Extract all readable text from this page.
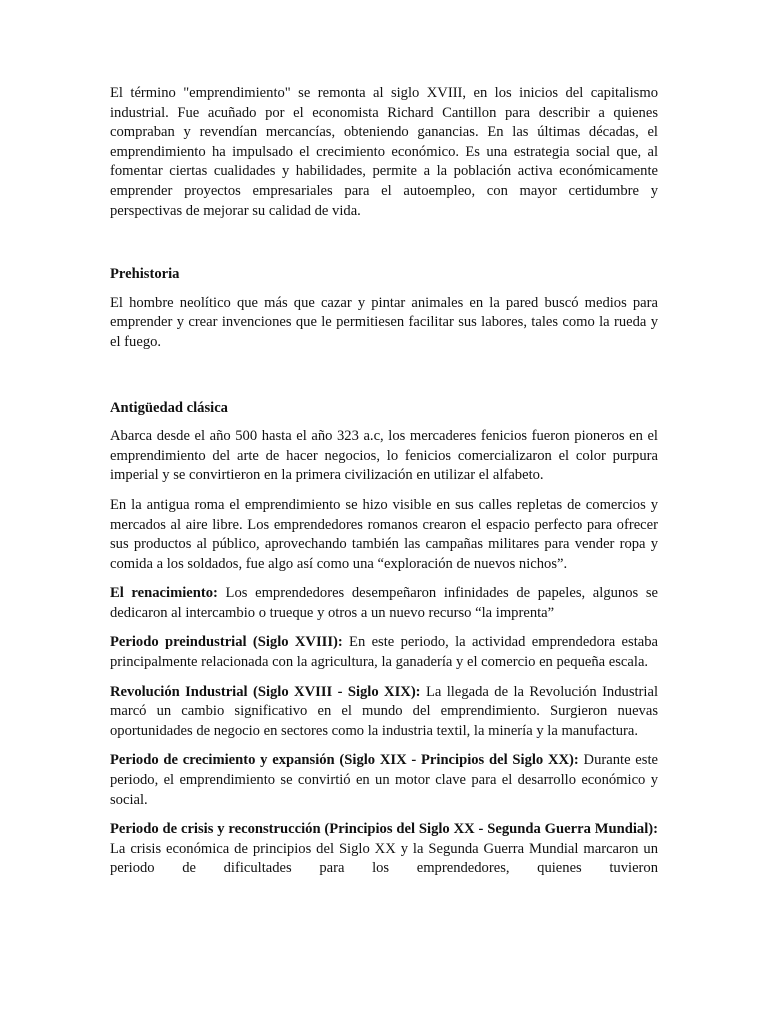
El término "emprendimiento" se remonta al siglo XVIII, en los inicios del capitalismo industrial. Fue acuñado por el economista Richard Cantillon para describir a quienes compraban y revendían mercancías, obteniendo ganancias. En las últimas décadas, el emprendimiento ha impulsado el crecimiento económico. Es una estrategia social que, al fomentar ciertas cualidades y habilidades, permite a la población activa económicamente emprender proyectos empresariales para el autoempleo, con mayor certidumbre y perspectivas de mejorar su calidad de vida.

Prehistoria

El hombre neolítico que más que cazar y pintar animales en la pared buscó medios para emprender y crear invenciones que le permitiesen facilitar sus labores, tales como la rueda y el fuego.

Antigüedad clásica

Abarca desde el año 500 hasta el año 323 a.c, los mercaderes fenicios fueron pioneros en el emprendimiento del arte de hacer negocios, lo fenicios comercializaron el color purpura imperial y se convirtieron en la primera civilización en utilizar el alfabeto.

En la antigua roma el emprendimiento se hizo visible en sus calles repletas de comercios y mercados al aire libre. Los emprendedores romanos crearon el espacio perfecto para ofrecer sus productos al público, aprovechando también las campañas militares para vender ropa y comida a los soldados, fue algo así como una “exploración de nuevos nichos”.

El renacimiento: Los emprendedores desempeñaron infinidades de papeles, algunos se dedicaron al intercambio o trueque y otros a un nuevo recurso “la imprenta”

Periodo preindustrial (Siglo XVIII): En este periodo, la actividad emprendedora estaba principalmente relacionada con la agricultura, la ganadería y el comercio en pequeña escala.

Revolución Industrial (Siglo XVIII - Siglo XIX): La llegada de la Revolución Industrial marcó un cambio significativo en el mundo del emprendimiento. Surgieron nuevas oportunidades de negocio en sectores como la industria textil, la minería y la manufactura.

Periodo de crecimiento y expansión (Siglo XIX - Principios del Siglo XX): Durante este periodo, el emprendimiento se convirtió en un motor clave para el desarrollo económico y social.

Periodo de crisis y reconstrucción (Principios del Siglo XX - Segunda Guerra Mundial): La crisis económica de principios del Siglo XX y la Segunda Guerra Mundial marcaron un periodo de dificultades para los emprendedores, quienes tuvieron
